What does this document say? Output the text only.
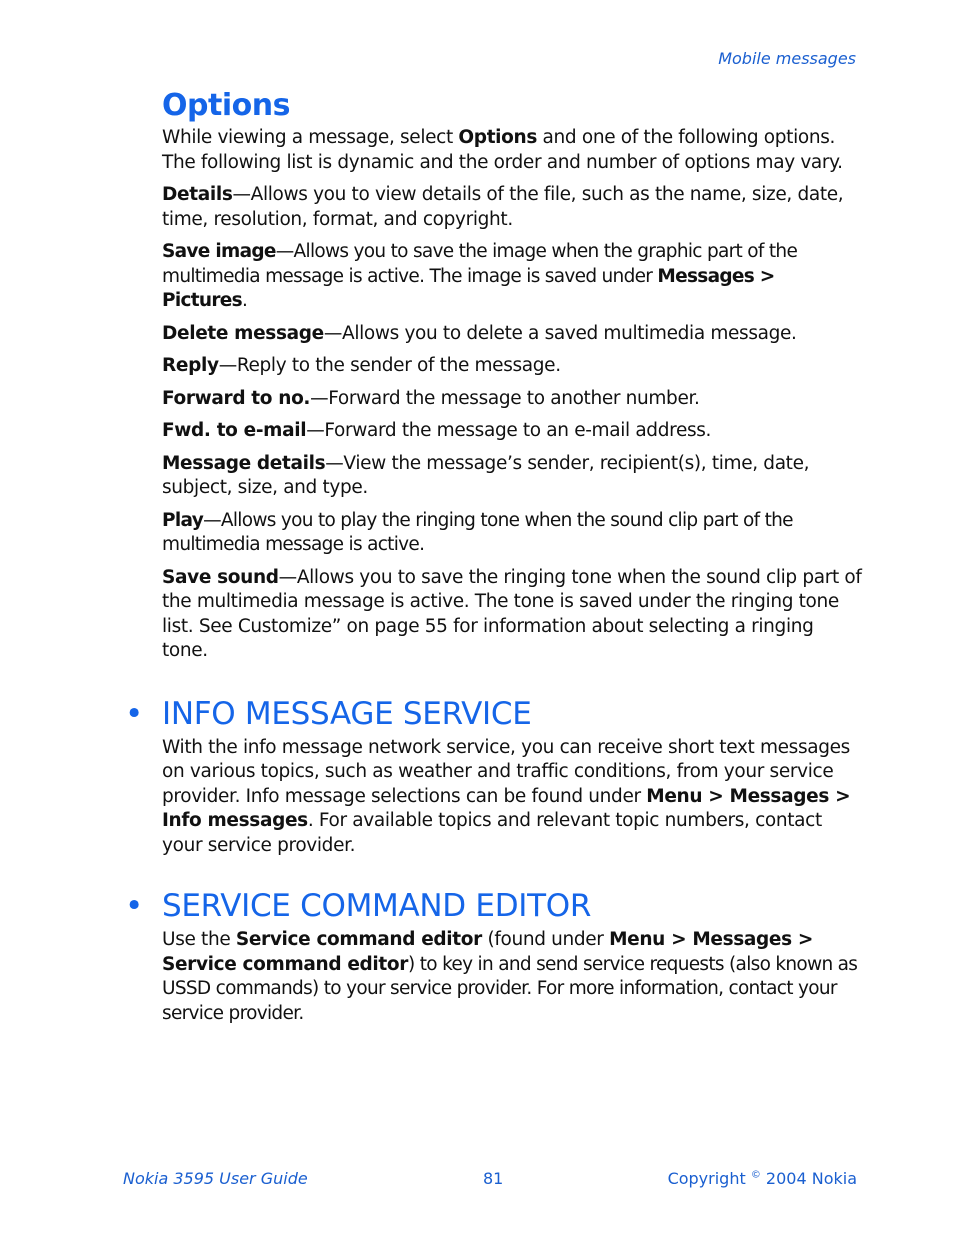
Mobile messages
Options

While viewing a message, select Options and one of the following options. The following list is dynamic and the order and number of options may vary.

Details—Allows you to view details of the file, such as the name, size, date, time, resolution, format, and copyright.

Save image—Allows you to save the image when the graphic part of the multimedia message is active. The image is saved under Messages > Pictures.

Delete message—Allows you to delete a saved multimedia message.

Reply—Reply to the sender of the message.

Forward to no.—Forward the message to another number.

Fwd. to e-mail—Forward the message to an e-mail address.

Message details—View the message’s sender, recipient(s), time, date, subject, size, and type.

Play—Allows you to play the ringing tone when the sound clip part of the multimedia message is active.

Save sound—Allows you to save the ringing tone when the sound clip part of the multimedia message is active. The tone is saved under the ringing tone list. See Customize” on page 55 for information about selecting a ringing tone.

• INFO MESSAGE SERVICE

With the info message network service, you can receive short text messages on various topics, such as weather and traffic conditions, from your service provider. Info message selections can be found under Menu > Messages > Info messages. For available topics and relevant topic numbers, contact your service provider.

• SERVICE COMMAND EDITOR

Use the Service command editor (found under Menu > Messages > Service command editor) to key in and send service requests (also known as USSD commands) to your service provider. For more information, contact your service provider.

Nokia 3595 User Guide	81	Copyright © 2004 Nokia
